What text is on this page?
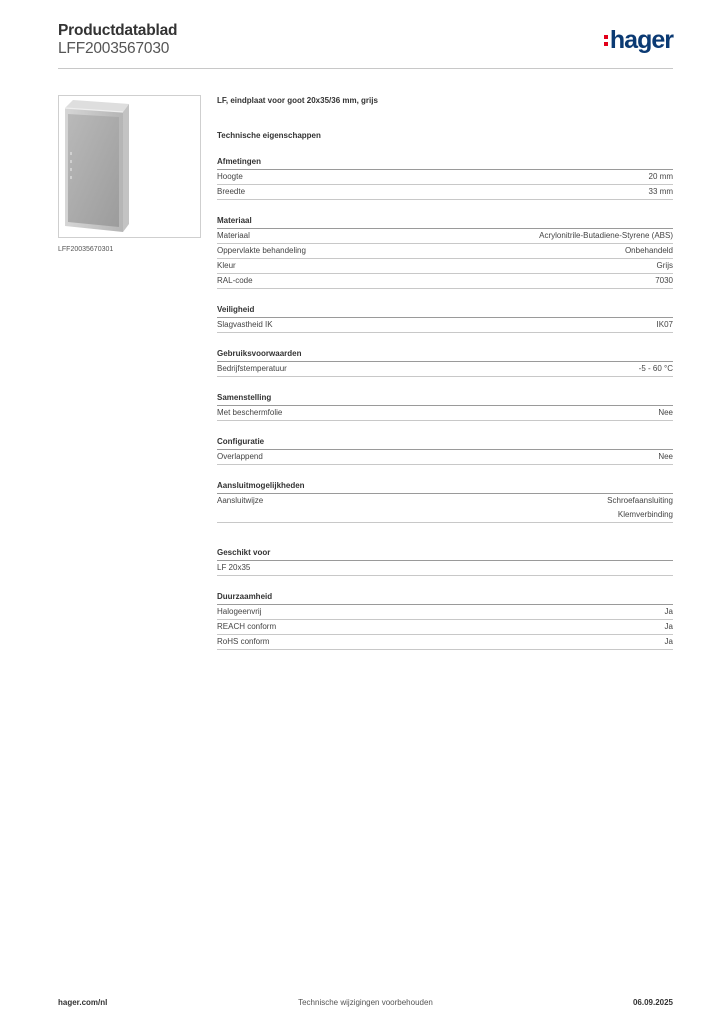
Productdatablad
LFF2003567030	hager
LFF20035670301
LF, eindplaat voor goot 20x35/36 mm, grijs
Technische eigenschappen
Afmetingen
Hoogte	20 mm
Breedte	33 mm
Materiaal
Materiaal	Acrylonitrile-Butadiene-Styrene (ABS)
Oppervlakte behandeling	Onbehandeld
Kleur	Grijs
RAL-code	7030
Veiligheid
Slagvastheid IK	IK07
Gebruiksvoorwaarden
Bedrijfstemperatuur	-5 - 60 °C
Samenstelling
Met beschermfolie	Nee
Configuratie
Overlappend	Nee
Aansluitmogelijkheden
Aansluitwijze	Schroefaansluiting
Klemverbinding
Geschikt voor
LF 20x35
Duurzaamheid
Halogeenvrij	Ja
REACH conform	Ja
RoHS conform	Ja
hager.com/nl	Technische wijzigingen voorbehouden	06.09.2025
